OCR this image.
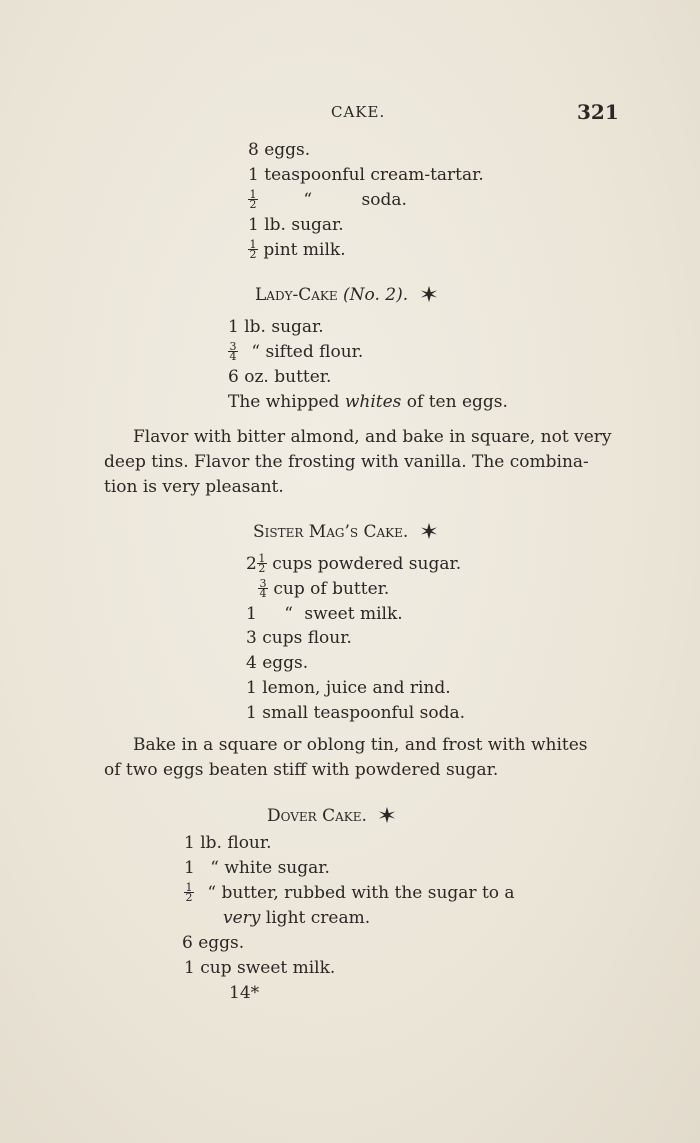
CAKE.	321
8 eggs.
1 teaspoonful cream-tartar.
$\frac{1}{2}$	“	soda.
1 lb. sugar.
$\frac{1}{2}$ pint milk.
Lady-Cake (No. 2).
1 lb. sugar.
$\frac{3}{4}$ “ sifted flour.
6 oz. butter.
The whipped whites of ten eggs.
Flavor with bitter almond, and bake in square, not very
deep tins. Flavor the frosting with vanilla. The combina-
tion is very pleasant.
Sister Mag’s Cake.
$2 \frac{1}{2}$ cups powdered sugar.
$\frac{3}{4}$ cup of butter.
1 “ sweet milk.
3 cups flour.
4 eggs.
1 lemon, juice and rind.
1 small teaspoonful soda.
Bake in a square or oblong tin, and frost with whites
of two eggs beaten stiff with powdered sugar.
Dover Cake.
1 lb. flour.
1 “ white sugar.
$\frac{1}{2}$ “ butter, rubbed with the sugar to a
very light cream.
6 eggs.
1 cup sweet milk.
14*
